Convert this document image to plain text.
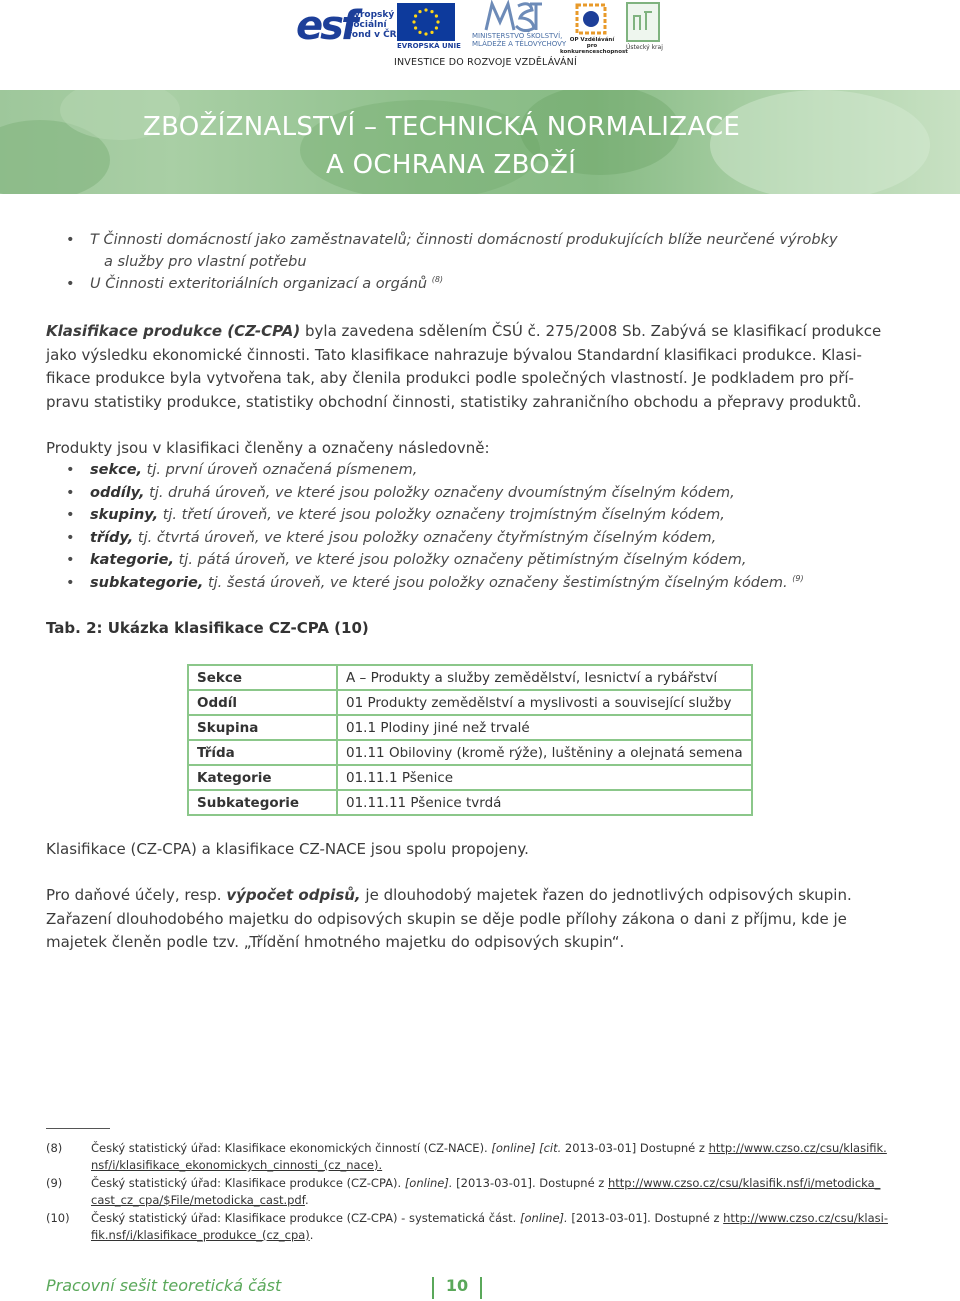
esf
evropský
sociální
fond v ČR
EVROPSKÁ UNIE
MINISTERSTVO ŠKOLSTVÍ,
MLÁDEŽE A TĚLOVÝCHOVY OP Vzdělávání
pro konkurenceschopnost
Ústecký kraj
INVESTICE DO ROZVOJE VZDĚLÁVÁNÍ
ZBOŽÍZNALSTVÍ – TECHNICKÁ NORMALIZACE
A OCHRANA ZBOŽÍ
• T Činnosti domácností jako zaměstnavatelů; činnosti domácností produkujících blíže neurčené výrobky
a služby pro vlastní potřebu
• U Činnosti exteritoriálních organizací a orgánů $^{(8)}$
Klasifikace produkce (CZ-CPA) byla zavedena sdělením ČSÚ č. 275/2008 Sb. Zabývá se klasifikací produkce
jako výsledku ekonomické činnosti. Tato klasifikace nahrazuje bývalou Standardní klasifikaci produkce. Klasi-
fikace produkce byla vytvořena tak, aby členila produkci podle společných vlastností. Je podkladem pro pří-
pravu statistiky produkce, statistiky obchodní činnosti, statistiky zahraničního obchodu a přepravy produktů.
Produkty jsou v klasifikaci členěny a označeny následovně:
• sekce, tj. první úroveň označená písmenem,
• oddíly, tj. druhá úroveň, ve které jsou položky označeny dvoumístným číselným kódem,
• skupiny, tj. třetí úroveň, ve které jsou položky označeny trojmístným číselným kódem,
• třídy, tj. čtvrtá úroveň, ve které jsou položky označeny čtyřmístným číselným kódem,
• kategorie, tj. pátá úroveň, ve které jsou položky označeny pětimístným číselným kódem,
• subkategorie, tj. šestá úroveň, ve které jsou položky označeny šestimístným číselným kódem. $^{(9)}$
Tab. 2: Ukázka klasifikace CZ-CPA (10)
Sekce	A – Produkty a služby zemědělství, lesnictví a rybářství
Oddíl	01 Produkty zemědělství a myslivosti a související služby
Skupina	01.1 Plodiny jiné než trvalé
Třída	01.11 Obiloviny (kromě rýže), luštěniny a olejnatá semena
Kategorie	01.11.1 Pšenice
Subkategorie	01.11.11 Pšenice tvrdá
Klasifikace (CZ-CPA) a klasifikace CZ-NACE jsou spolu propojeny.
Pro daňové účely, resp. výpočet odpisů, je dlouhodobý majetek řazen do jednotlivých odpisových skupin.
Zařazení dlouhodobého majetku do odpisových skupin se děje podle přílohy zákona o dani z příjmu, kde je
majetek členěn podle tzv. „Třídění hmotného majetku do odpisových skupin“.
(8) Český statistický úřad: Klasifikace ekonomických činností (CZ-NACE). [online] [cit. 2013-03-01] Dostupné z http://www.czso.cz/csu/klasifik.
nsf/i/klasifikace_ekonomickych_cinnosti_(cz_nace).
(9) Český statistický úřad: Klasifikace produkce (CZ-CPA). [online]. [2013-03-01]. Dostupné z http://www.czso.cz/csu/klasifik.nsf/i/metodicka_
cast_cz_cpa/$File/metodicka_cast.pdf.
(10) Český statistický úřad: Klasifikace produkce (CZ-CPA) - systematická část. [online]. [2013-03-01]. Dostupné z http://www.czso.cz/csu/klasi-
fik.nsf/i/klasifikace_produkce_(cz_cpa).
Pracovní sešit teoretická část	10
